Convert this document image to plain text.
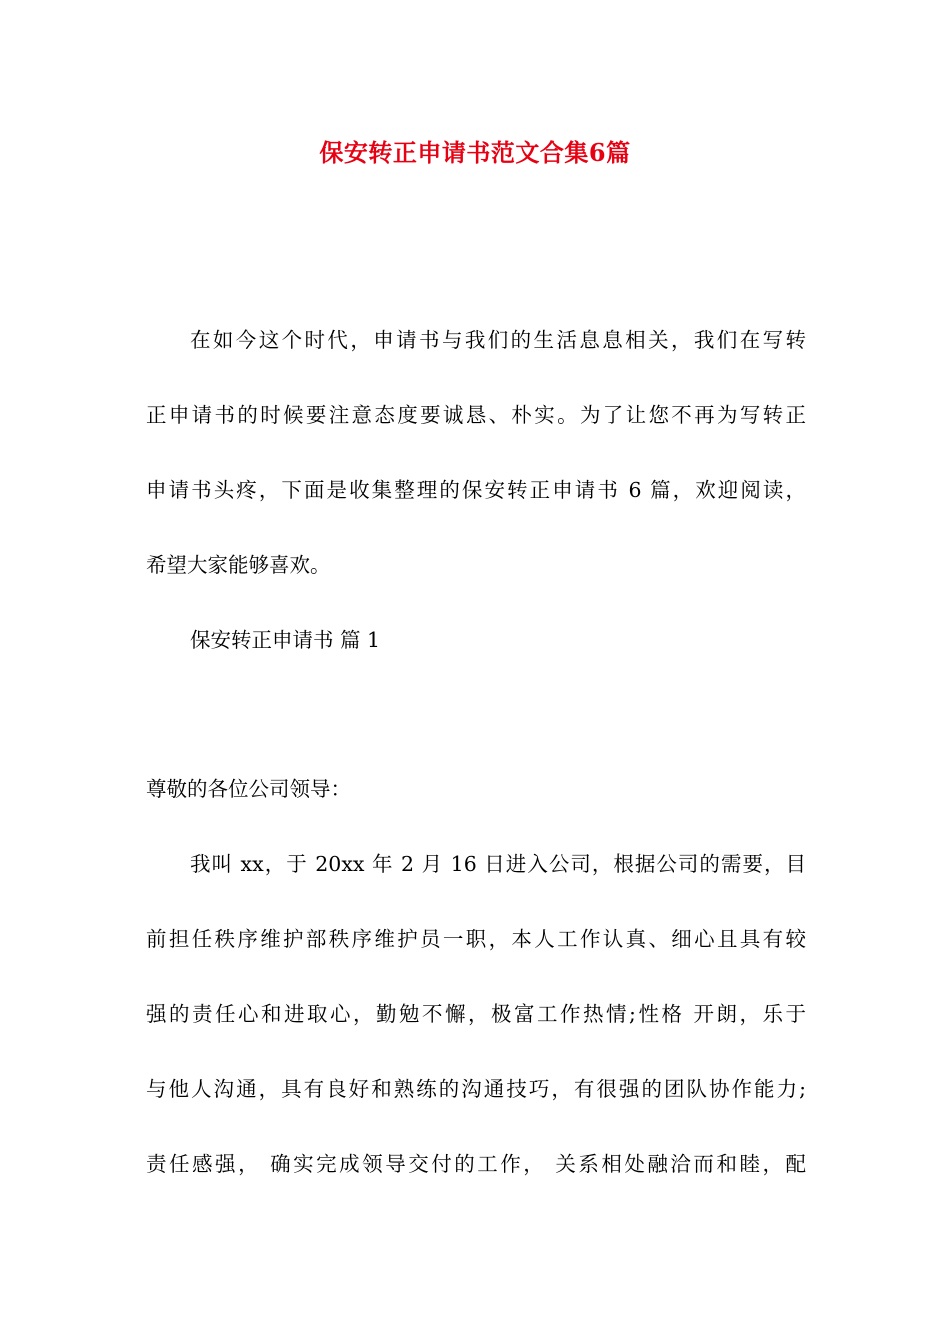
保安转正申请书范文合集6篇
在如今这个时代，申请书与我们的生活息息相关，我们在写转
正申请书的时候要注意态度要诚恳、朴实。为了让您不再为写转正
申请书头疼，下面是收集整理的保安转正申请书 6 篇，欢迎阅读，
希望大家能够喜欢。
保安转正申请书 篇 1
尊敬的各位公司领导：
我叫 xx，于 20xx 年 2 月 16 日进入公司，根据公司的需要，目
前担任秩序维护部秩序维护员一职，本人工作认真、细心且具有较
强的责任心和进取心，勤勉不懈，极富工作热情;性格 开朗，乐于
与他人沟通，具有良好和熟练的沟通技巧，有很强的团队协作能力;
责任感强， 确实完成领导交付的工作， 关系相处融洽而和睦，配
